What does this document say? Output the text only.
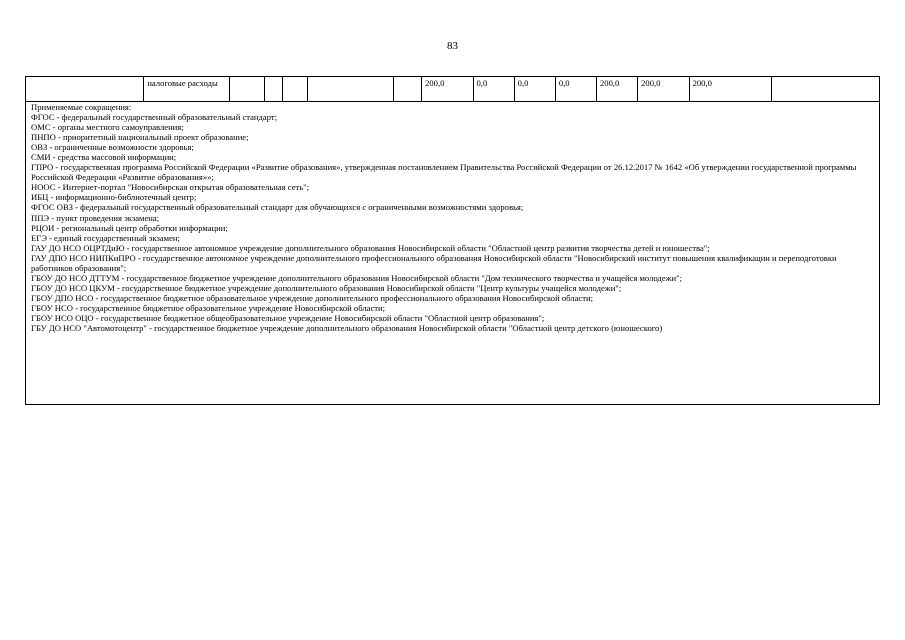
83
	налоговые расходы						200,0	0,0	0,0	0,0	200,0	200,0	200,0	
Применяемые сокращения:
ФГОС - федеральный государственный образовательный стандарт;
ОМС - органы местного самоуправления;
ПНПО - приоритетный национальный проект образование;
ОВЗ - ограниченные возможности здоровья;
СМИ - средства массовой информации;
ГПРО - государственная программа Российской Федерации «Развитие образования», утвержденная постановлением Правительства Российской Федерации от 26.12.2017 № 1642 «Об утверждении государственной программы Российской Федерации «Развитие образования»»;
НООС - Интернет-портал "Новосибирская открытая образовательная сеть";
ИБЦ - информационно-библиотечный центр;
ФГОС ОВЗ - федеральный государственный образовательный стандарт для обучающихся с ограниченными возможностями здоровья;
ППЭ - пункт проведения экзамена;
РЦОИ - региональный центр обработки информации;
ЕГЭ - единый государственный экзамен;
ГАУ ДО НСО ОЦРТДиЮ - государственное автономное учреждение дополнительного образования Новосибирской области "Областной центр развития творчества детей и юношества";
ГАУ ДПО НСО НИПКиПРО - государственное автономное учреждение дополнительного профессионального образования Новосибирской области "Новосибирский институт повышения квалификации и переподготовки работников образования";
ГБОУ ДО НСО ДТТУМ - государственное бюджетное учреждение дополнительного образования Новосибирской области "Дом технического творчества и учащейся молодежи";
ГБОУ ДО НСО ЦКУМ - государственное бюджетное учреждение дополнительного образования Новосибирской области "Центр культуры учащейся молодежи";
ГБОУ ДПО НСО - государственное бюджетное образовательное учреждение дополнительного профессионального образования Новосибирской области;
ГБОУ НСО - государственное бюджетное образовательное учреждение Новосибирской области;
ГБОУ НСО ОЦО - государственное бюджетное общеобразовательное учреждение Новосибирской области "Областной центр образования";
ГБУ ДО НСО "Автомотоцентр" - государственное бюджетное учреждение дополнительного образования Новосибирской области "Областной центр детского (юношеского)
